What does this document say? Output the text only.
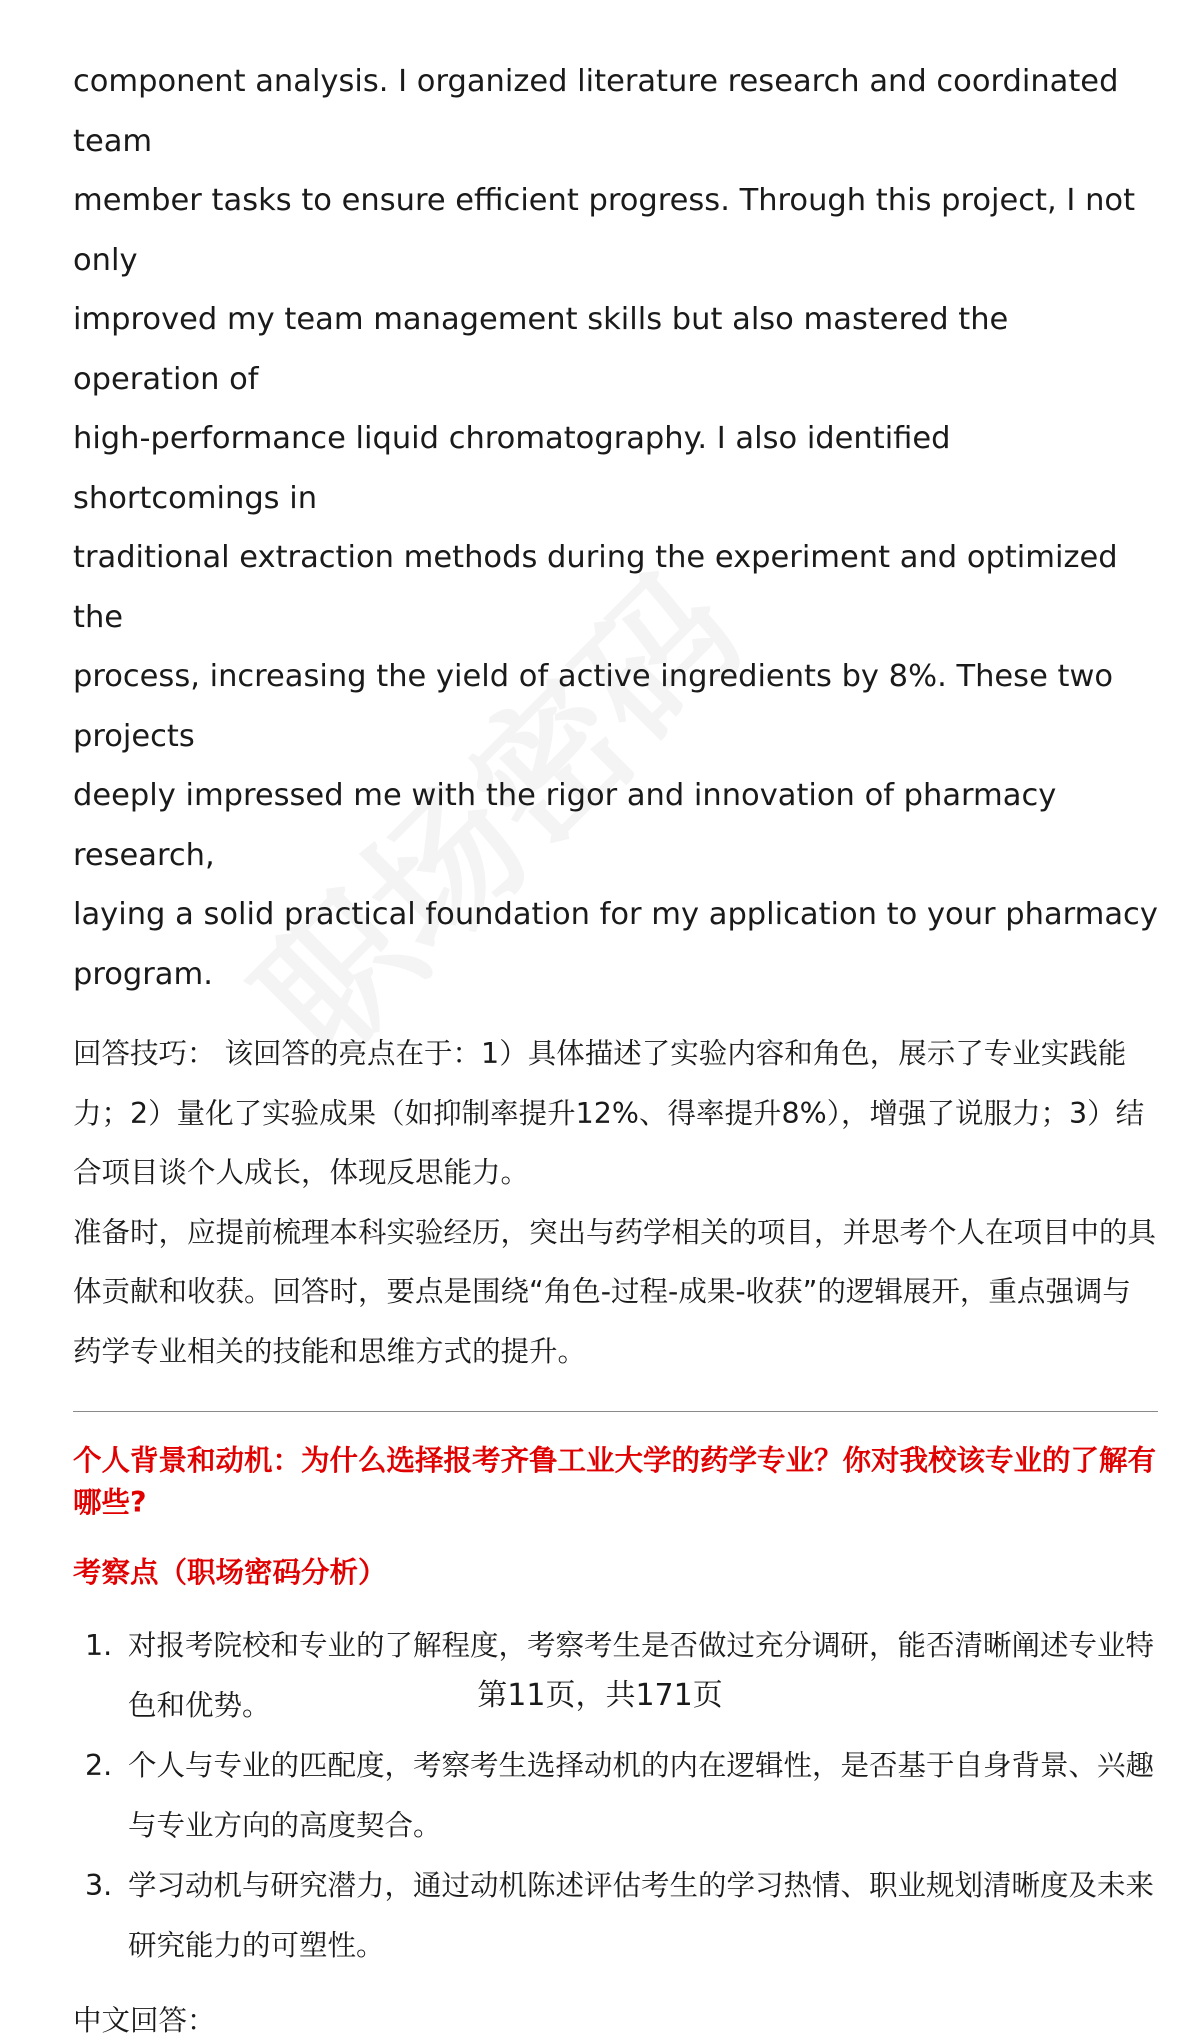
component analysis. I organized literature research and coordinated team
member tasks to ensure efficient progress. Through this project, I not only
improved my team management skills but also mastered the operation of
high-performance liquid chromatography. I also identified shortcomings in
traditional extraction methods during the experiment and optimized the
process, increasing the yield of active ingredients by 8%. These two projects
deeply impressed me with the rigor and innovation of pharmacy research,
laying a solid practical foundation for my application to your pharmacy
program.

回答技巧： 该回答的亮点在于：1）具体描述了实验内容和角色，展示了专业实践能力；2）量化了实验成果（如抑制率提升12%、得率提升8%），增强了说服力；3）结合项目谈个人成长，体现反思能力。

准备时，应提前梳理本科实验经历，突出与药学相关的项目，并思考个人在项目中的具体贡献和收获。回答时，要点是围绕“角色-过程-成果-收获”的逻辑展开，重点强调与药学专业相关的技能和思维方式的提升。

个人背景和动机：为什么选择报考齐鲁工业大学的药学专业？你对我校该专业的了解有哪些?
考察点（职场密码分析）
1. 对报考院校和专业的了解程度，考察考生是否做过充分调研，能否清晰阐述专业特色和优势。
2. 个人与专业的匹配度，考察考生选择动机的内在逻辑性，是否基于自身背景、兴趣与专业方向的高度契合。
3. 学习动机与研究潜力，通过动机陈述评估考生的学习热情、职业规划清晰度及未来研究能力的可塑性。
中文回答：
第11页，共171页
